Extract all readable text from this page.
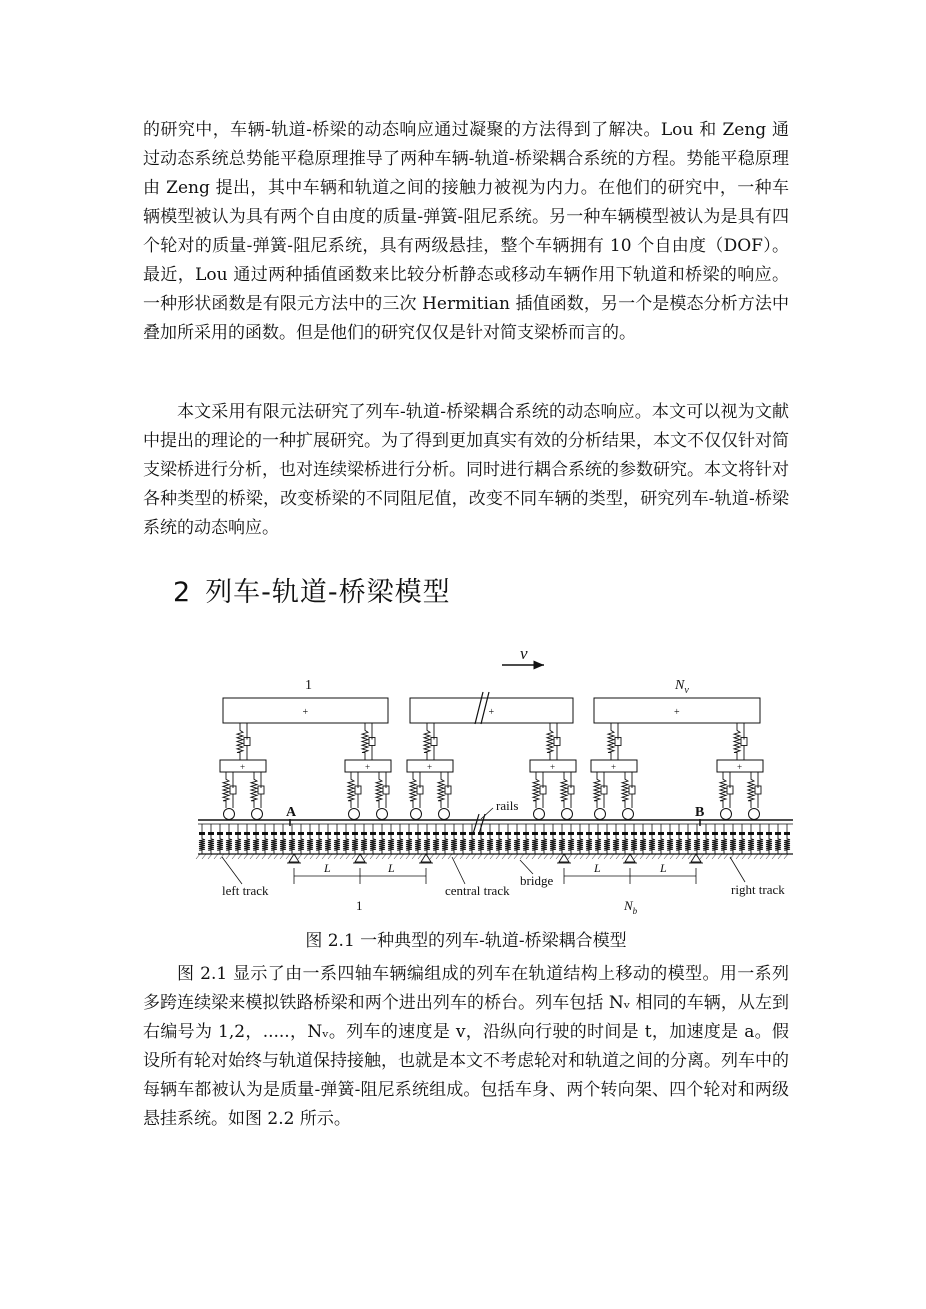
的研究中，车辆-轨道-桥梁的动态响应通过凝聚的方法得到了解决。Lou 和 Zeng 通过动态系统总势能平稳原理推导了两种车辆-轨道-桥梁耦合系统的方程。势能平稳原理由 Zeng 提出，其中车辆和轨道之间的接触力被视为内力。在他们的研究中，一种车辆模型被认为具有两个自由度的质量-弹簧-阻尼系统。另一种车辆模型被认为是具有四个轮对的质量-弹簧-阻尼系统，具有两级悬挂，整个车辆拥有 10 个自由度（DOF）。最近，Lou 通过两种插值函数来比较分析静态或移动车辆作用下轨道和桥梁的响应。一种形状函数是有限元方法中的三次 Hermitian 插值函数，另一个是模态分析方法中叠加所采用的函数。但是他们的研究仅仅是针对简支梁桥而言的。

本文采用有限元法研究了列车-轨道-桥梁耦合系统的动态响应。本文可以视为文献中提出的理论的一种扩展研究。为了得到更加真实有效的分析结果，本文不仅仅针对简支梁桥进行分析，也对连续梁桥进行分析。同时进行耦合系统的参数研究。本文将针对各种类型的桥梁，改变桥梁的不同阻尼值，改变不同车辆的类型，研究列车-轨道-桥梁系统的动态响应。

2 列车-轨道-桥梁模型
v
1	$N_v$
+
+	+
+
+	+
+
+	+
A	B
rails
left track	central track
bridge
right track
L	L
1
L	L
$N_b$

图 2.1 一种典型的列车-轨道-桥梁耦合模型

图 2.1 显示了由一系四轴车辆编组成的列车在轨道结构上移动的模型。用一系列多跨连续梁来模拟铁路桥梁和两个进出列车的桥台。列车包括 Nᵥ 相同的车辆，从左到右编号为 1,2，.....，Nᵥ。列车的速度是 v，沿纵向行驶的时间是 t，加速度是 a。假设所有轮对始终与轨道保持接触，也就是本文不考虑轮对和轨道之间的分离。列车中的每辆车都被认为是质量-弹簧-阻尼系统组成。包括车身、两个转向架、四个轮对和两级悬挂系统。如图 2.2 所示。
